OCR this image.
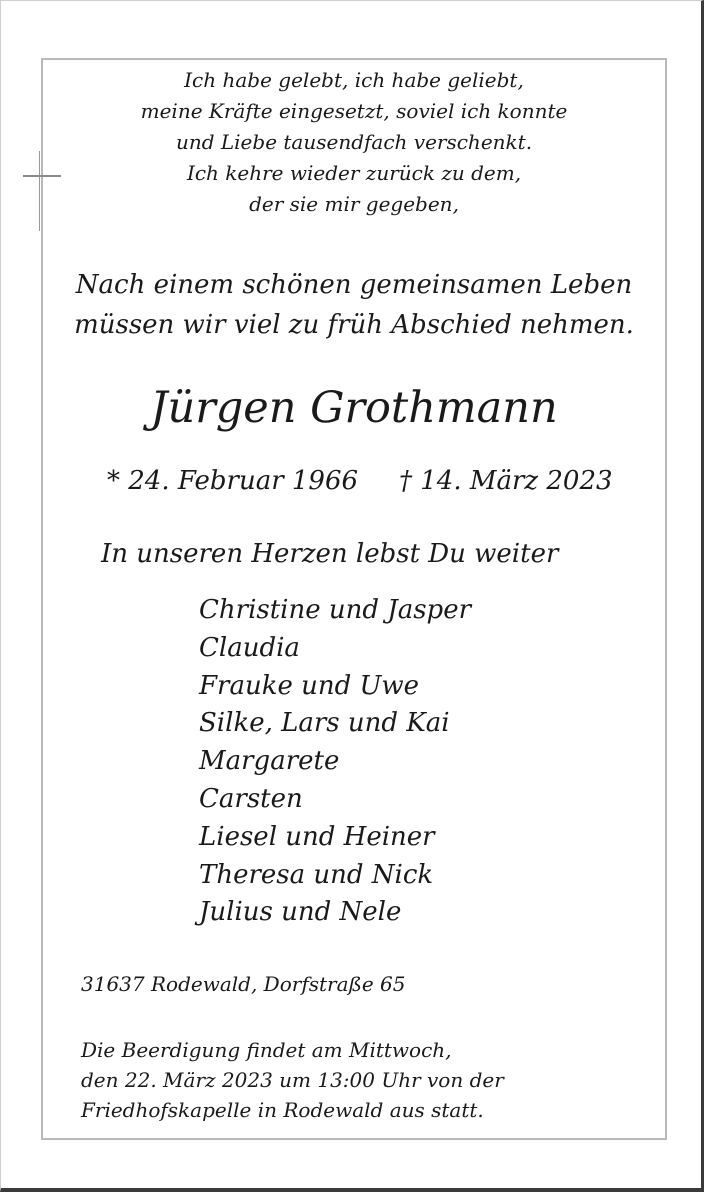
Ich habe gelebt, ich habe geliebt,
meine Kräfte eingesetzt, soviel ich konnte
und Liebe tausendfach verschenkt.
Ich kehre wieder zurück zu dem,
der sie mir gegeben,
Nach einem schönen gemeinsamen Leben
müssen wir viel zu früh Abschied nehmen.
Jürgen Grothmann
* 24. Februar 1966 † 14. März 2023
In unseren Herzen lebst Du weiter
Christine und Jasper
Claudia
Frauke und Uwe
Silke, Lars und Kai
Margarete
Carsten
Liesel und Heiner
Theresa und Nick
Julius und Nele
31637 Rodewald, Dorfstraße 65
Die Beerdigung findet am Mittwoch,
den 22. März 2023 um 13:00 Uhr von der
Friedhofskapelle in Rodewald aus statt.
